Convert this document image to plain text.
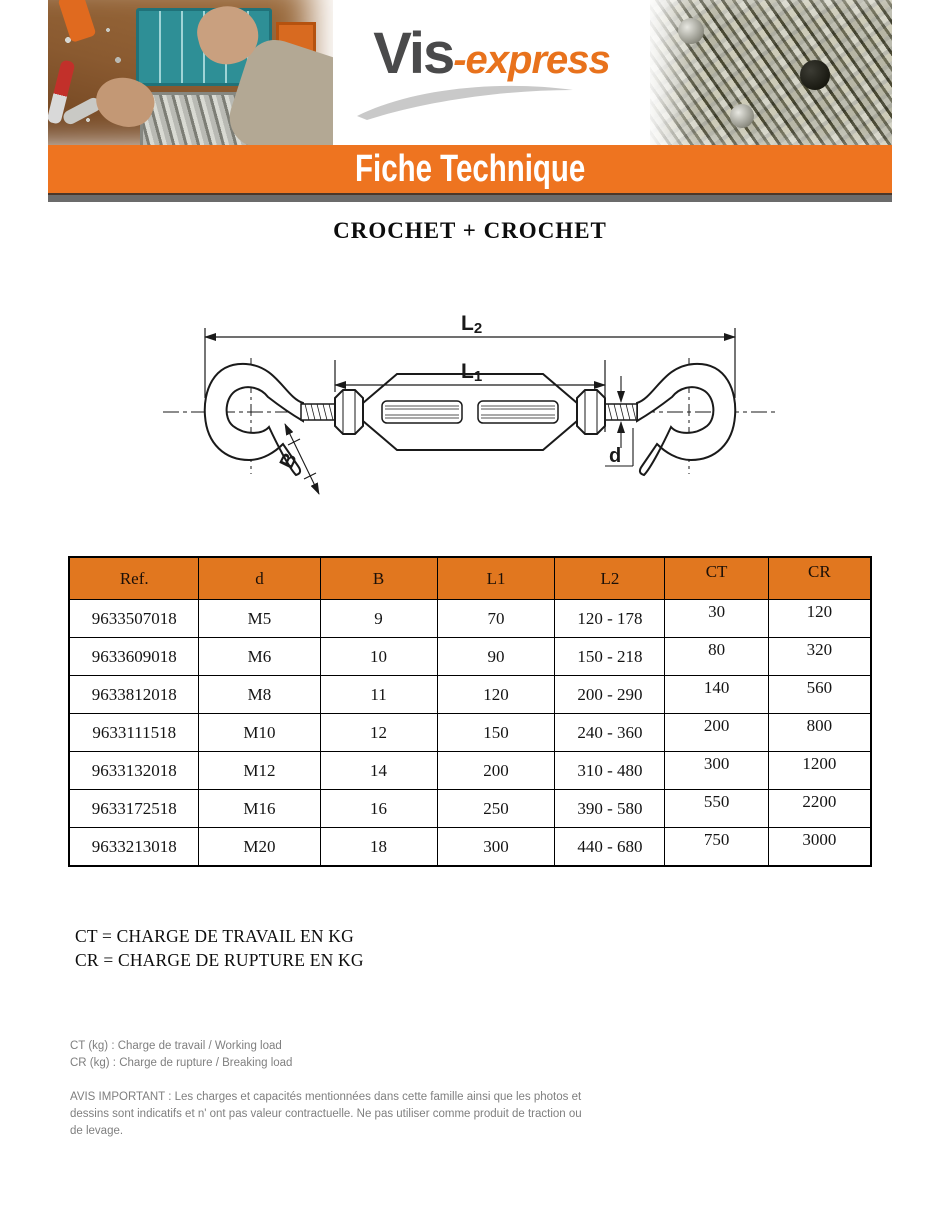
Vis-express
Fiche Technique
CROCHET + CROCHET
L2
L1
B	d
Ref.	d	B	L1	L2	CT	CR
9633507018	M5	9	70	120 - 178	30	120
9633609018	M6	10	90	150 - 218	80	320
9633812018	M8	11	120	200 - 290	140	560
9633111518	M10	12	150	240 - 360	200	800
9633132018	M12	14	200	310 - 480	300	1200
9633172518	M16	16	250	390 - 580	550	2200
9633213018	M20	18	300	440 - 680	750	3000
CT = CHARGE DE TRAVAIL EN KG
CR = CHARGE DE RUPTURE EN KG
CT (kg) : Charge de travail / Working load
CR (kg) : Charge de rupture / Breaking load
AVIS IMPORTANT : Les charges et capacités mentionnées dans cette famille ainsi que les photos et dessins sont indicatifs et n' ont pas valeur contractuelle. Ne pas utiliser comme produit de traction ou de levage.
